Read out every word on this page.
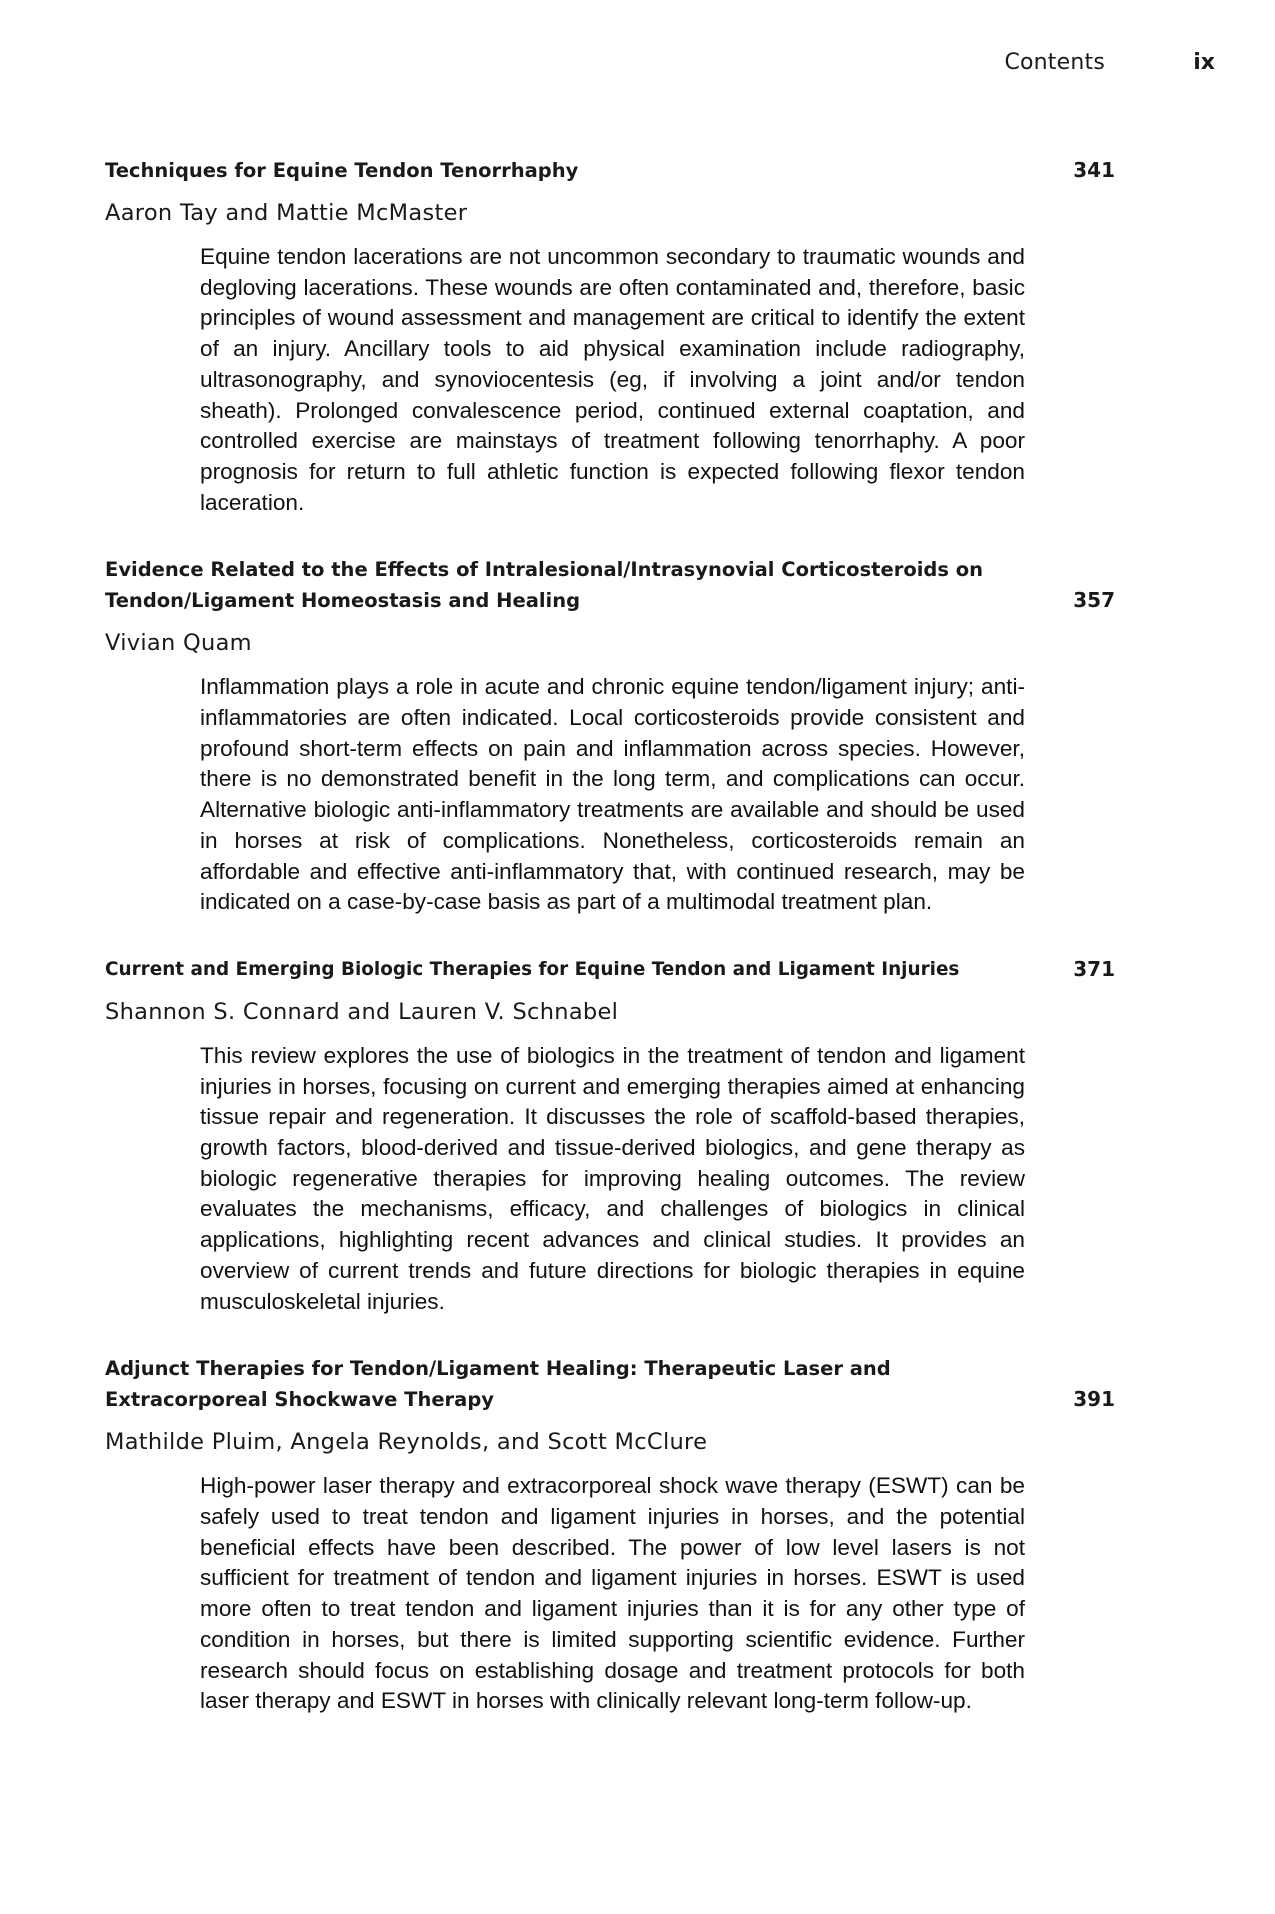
Contents	ix
Techniques for Equine Tendon Tenorrhaphy	341
Aaron Tay and Mattie McMaster
Equine tendon lacerations are not uncommon secondary to traumatic wounds and degloving lacerations. These wounds are often contaminated and, therefore, basic principles of wound assessment and management are critical to identify the extent of an injury. Ancillary tools to aid physical examination include radiography, ultrasonography, and synoviocentesis (eg, if involving a joint and/or tendon sheath). Prolonged convalescence period, continued external coaptation, and controlled exercise are mainstays of treatment following tenorrhaphy. A poor prognosis for return to full athletic function is expected following flexor tendon laceration.
Evidence Related to the Effects of Intralesional/Intrasynovial Corticosteroids on Tendon/Ligament Homeostasis and Healing	357
Vivian Quam
Inflammation plays a role in acute and chronic equine tendon/ligament injury; anti-inflammatories are often indicated. Local corticosteroids provide consistent and profound short-term effects on pain and inflammation across species. However, there is no demonstrated benefit in the long term, and complications can occur. Alternative biologic anti-inflammatory treatments are available and should be used in horses at risk of complications. Nonetheless, corticosteroids remain an affordable and effective anti-inflammatory that, with continued research, may be indicated on a case-by-case basis as part of a multimodal treatment plan.
Current and Emerging Biologic Therapies for Equine Tendon and Ligament Injuries	371
Shannon S. Connard and Lauren V. Schnabel
This review explores the use of biologics in the treatment of tendon and ligament injuries in horses, focusing on current and emerging therapies aimed at enhancing tissue repair and regeneration. It discusses the role of scaffold-based therapies, growth factors, blood-derived and tissue-derived biologics, and gene therapy as biologic regenerative therapies for improving healing outcomes. The review evaluates the mechanisms, efficacy, and challenges of biologics in clinical applications, highlighting recent advances and clinical studies. It provides an overview of current trends and future directions for biologic therapies in equine musculoskeletal injuries.
Adjunct Therapies for Tendon/Ligament Healing: Therapeutic Laser and Extracorporeal Shockwave Therapy	391
Mathilde Pluim, Angela Reynolds, and Scott McClure
High-power laser therapy and extracorporeal shock wave therapy (ESWT) can be safely used to treat tendon and ligament injuries in horses, and the potential beneficial effects have been described. The power of low level lasers is not sufficient for treatment of tendon and ligament injuries in horses. ESWT is used more often to treat tendon and ligament injuries than it is for any other type of condition in horses, but there is limited supporting scientific evidence. Further research should focus on establishing dosage and treatment protocols for both laser therapy and ESWT in horses with clinically relevant long-term follow-up.
